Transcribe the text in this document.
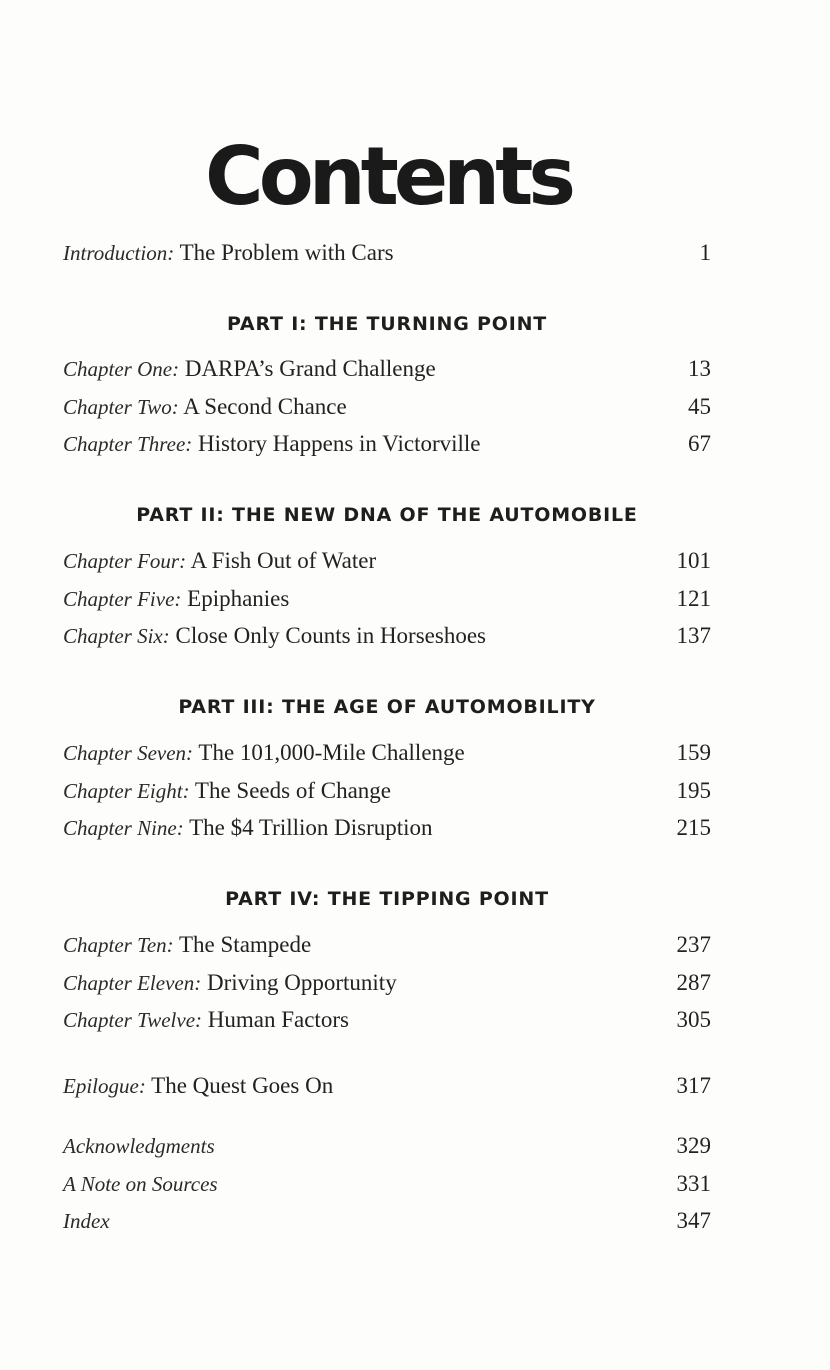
Contents
Introduction: The Problem with Cars	1
PART I: THE TURNING POINT
Chapter One: DARPA’s Grand Challenge	13
Chapter Two: A Second Chance	45
Chapter Three: History Happens in Victorville	67
PART II: THE NEW DNA OF THE AUTOMOBILE
Chapter Four: A Fish Out of Water	101
Chapter Five: Epiphanies	121
Chapter Six: Close Only Counts in Horseshoes	137
PART III: THE AGE OF AUTOMOBILITY
Chapter Seven: The 101,000-Mile Challenge	159
Chapter Eight: The Seeds of Change	195
Chapter Nine: The $4 Trillion Disruption	215
PART IV: THE TIPPING POINT
Chapter Ten: The Stampede	237
Chapter Eleven: Driving Opportunity	287
Chapter Twelve: Human Factors	305
Epilogue: The Quest Goes On	317
Acknowledgments	329
A Note on Sources	331
Index	347
